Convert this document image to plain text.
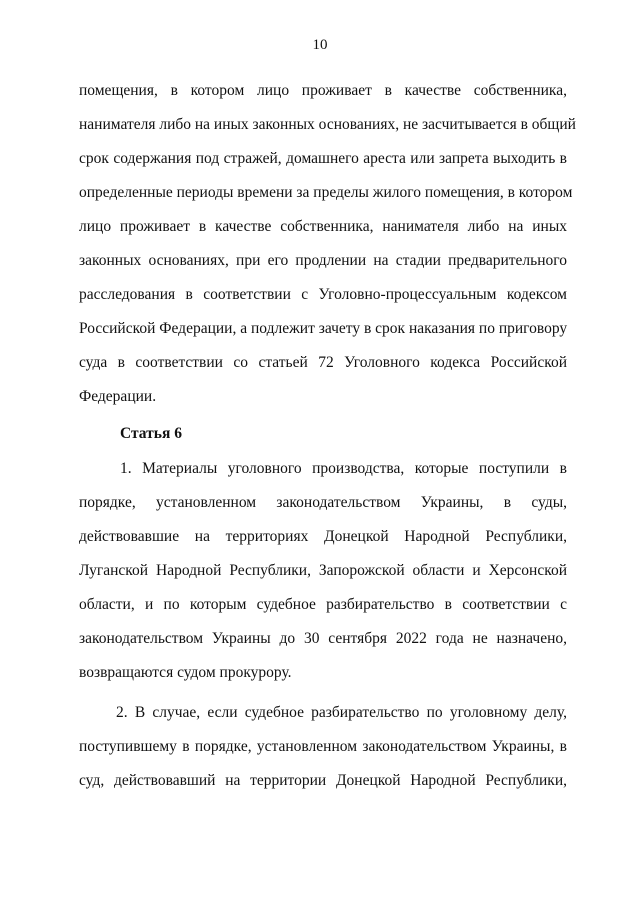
10
помещения, в котором лицо проживает в качестве собственника,
нанимателя либо на иных законных основаниях, не засчитывается в общий
срок содержания под стражей, домашнего ареста или запрета выходить в
определенные периоды времени за пределы жилого помещения, в котором
лицо проживает в качестве собственника, нанимателя либо на иных
законных основаниях, при его продлении на стадии предварительного
расследования в соответствии с Уголовно-процессуальным кодексом
Российской Федерации, а подлежит зачету в срок наказания по приговору
суда в соответствии со статьей 72 Уголовного кодекса Российской
Федерации.
Статья 6
1. Материалы уголовного производства, которые поступили в
порядке, установленном законодательством Украины, в суды,
действовавшие на территориях Донецкой Народной Республики,
Луганской Народной Республики, Запорожской области и Херсонской
области, и по которым судебное разбирательство в соответствии с
законодательством Украины до 30 сентября 2022 года не назначено,
возвращаются судом прокурору.
2. В случае, если судебное разбирательство по уголовному делу,
поступившему в порядке, установленном законодательством Украины, в
суд, действовавший на территории Донецкой Народной Республики,
